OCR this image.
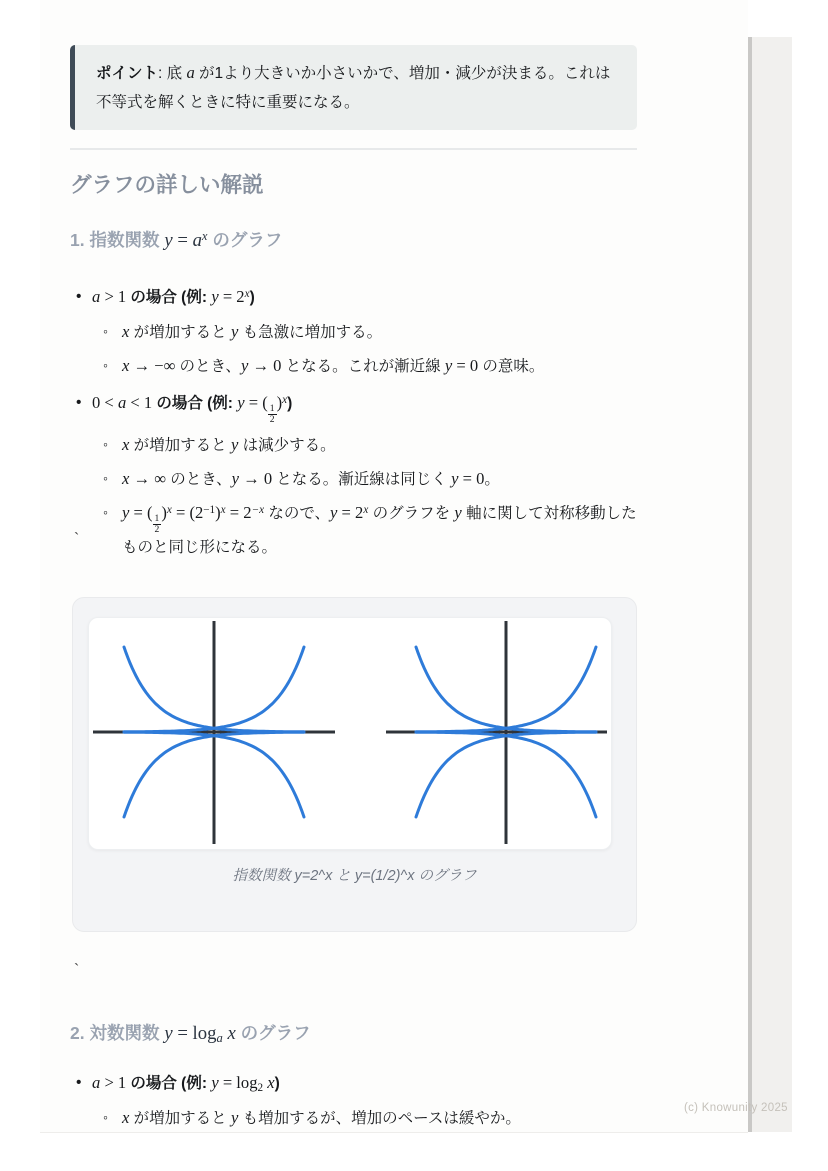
ポイント: 底 a が1より大きいか小さいかで、増加・減少が決まる。これは不等式を解くときに特に重要になる。
グラフの詳しい解説
1. 指数関数 $y = a^x$ のグラフ
• a > 1 の場合 (例: $y = 2^x$)
◦ x が増加すると y も急激に増加する。
◦ x → −∞ のとき、y → 0 となる。これが漸近線 y = 0 の意味。
• 0 < a < 1 の場合 (例: y = (
$\frac{1}{2}$
)$^x$)
◦ x が増加すると y は減少する。
◦ x → ∞ のとき、y → 0 となる。漸近線は同じく y = 0。
◦ y = (
$\frac{1}{2}$
)$^x = (2^{-1})^x = 2^{-x}$ なので、$y = 2^x$ のグラフを y 軸に関して対称移動したものと同じ形になる。
`
指数関数 y=2^x と y=(1/2)^x のグラフ
`
2. 対数関数 y = loga x のグラフ
• a > 1 の場合 (例: y = log2 x)
◦ x が増加すると y も増加するが、増加のペースは緩やか。
(c) Knowunity 2025
